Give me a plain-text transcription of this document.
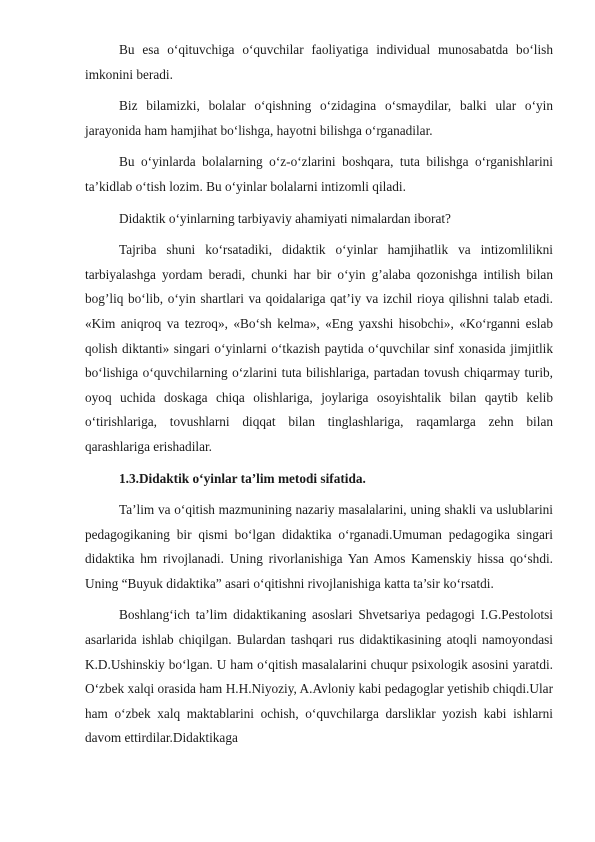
Bu esa o‘qituvchiga o‘quvchilar faoliyatiga individual munosabatda bo‘lish imkonini beradi.

Biz bilamizki, bolalar o‘qishning o‘zidagina o‘smaydilar, balki ular o‘yin jarayonida ham hamjihat bo‘lishga, hayotni bilishga o‘rganadilar.

Bu o‘yinlarda bolalarning o‘z-o‘zlarini boshqara, tuta bilishga o‘rganishlarini ta’kidlab o‘tish lozim. Bu o‘yinlar bolalarni intizomli qiladi.

Didaktik o‘yinlarning tarbiyaviy ahamiyati nimalardan iborat?

Tajriba shuni ko‘rsatadiki, didaktik o‘yinlar hamjihatlik va intizomlilikni tarbiyalashga yordam beradi, chunki har bir o‘yin g’alaba qozonishga intilish bilan bog’liq bo‘lib, o‘yin shartlari va qoidalariga qat’iy va izchil rioya qilishni talab etadi. «Kim aniqroq va tezroq», «Bo‘sh kelma», «Eng yaxshi hisobchi», «Ko‘rganni eslab qolish diktanti» singari o‘yinlarni o‘tkazish paytida o‘quvchilar sinf xonasida jimjitlik bo‘lishiga o‘quvchilarning o‘zlarini tuta bilishlariga, partadan tovush chiqarmay turib, oyoq uchida doskaga chiqa olishlariga, joylariga osoyishtalik bilan qaytib kelib o‘tirishlariga, tovushlarni diqqat bilan tinglashlariga, raqamlarga zehn bilan qarashlariga erishadilar.

1.3.Didaktik o‘yinlar ta’lim metodi sifatida.

Ta’lim va o‘qitish mazmunining nazariy masalalarini, uning shakli va uslublarini pedagogikaning bir qismi bo‘lgan didaktika o‘rganadi.Umuman pedagogika singari didaktika hm rivojlanadi. Uning rivorlanishiga Yan Amos Kamenskiy hissa qo‘shdi. Uning “Buyuk didaktika” asari o‘qitishni rivojlanishiga katta ta’sir ko‘rsatdi.

Boshlang‘ich ta’lim didaktikaning asoslari Shvetsariya pedagogi I.G.Pestolotsi asarlarida ishlab chiqilgan. Bulardan tashqari rus didaktikasining atoqli namoyondasi K.D.Ushinskiy bo‘lgan. U ham o‘qitish masalalarini chuqur psixologik asosini yaratdi. O‘zbek xalqi orasida ham H.H.Niyoziy, A.Avloniy kabi pedagoglar yetishib chiqdi.Ular ham o‘zbek xalq maktablarini ochish, o‘quvchilarga darsliklar yozish kabi ishlarni davom ettirdilar.Didaktikaga
